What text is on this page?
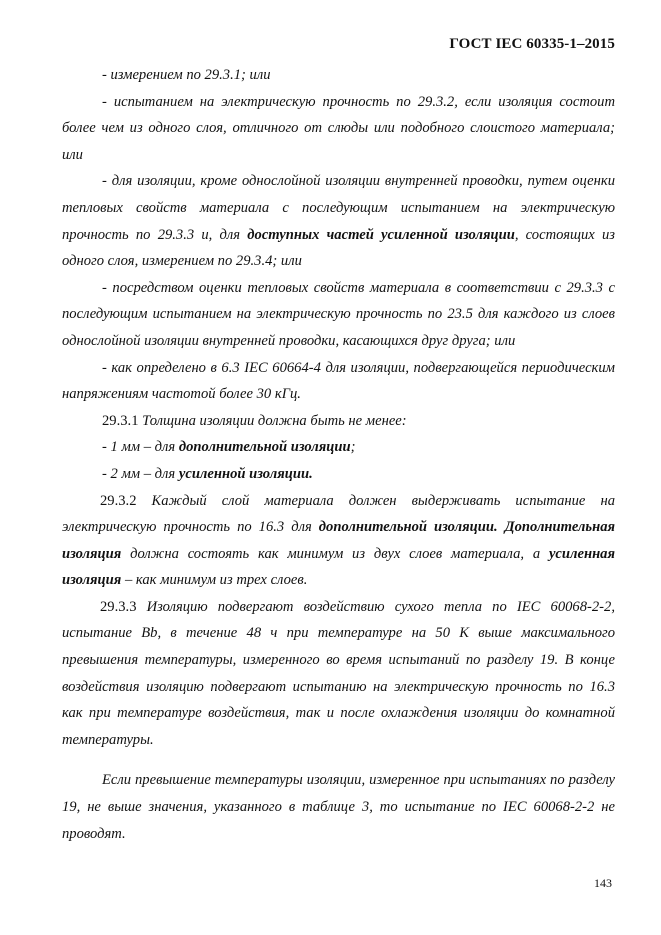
ГОСТ IEC 60335-1–2015

- измерением по 29.3.1; или

- испытанием на электрическую прочность по 29.3.2, если изоляция состоит более чем из одного слоя, отличного от слюды или подобного слоистого материала; или

- для изоляции, кроме однослойной изоляции внутренней проводки, путем оценки тепловых свойств материала с последующим испытанием на электрическую прочность по 29.3.3 и, для доступных частей усиленной изоляции, состоящих из одного слоя, измерением по 29.3.4; или

- посредством оценки тепловых свойств материала в соответствии с 29.3.3 с последующим испытанием на электрическую прочность по 23.5 для каждого из слоев однослойной изоляции внутренней проводки, касающихся друг друга; или

- как определено в 6.3 IEC 60664-4 для изоляции, подвергающейся периодическим напряжениям частотой более 30 кГц.

29.3.1 Толщина изоляции должна быть не менее:

- 1 мм – для дополнительной изоляции;

- 2 мм – для усиленной изоляции.

29.3.2 Каждый слой материала должен выдерживать испытание на электрическую прочность по 16.3 для дополнительной изоляции. Дополнительная изоляция должна состоять как минимум из двух слоев материала, а усиленная изоляция – как минимум из трех слоев.

29.3.3 Изоляцию подвергают воздействию сухого тепла по IEC 60068-2-2, испытание Bb, в течение 48 ч при температуре на 50 К выше максимального превышения температуры, измеренного во время испытаний по разделу 19. В конце воздействия изоляцию подвергают испытанию на электрическую прочность по 16.3 как при температуре воздействия, так и после охлаждения изоляции до комнатной температуры.

Если превышение температуры изоляции, измеренное при испытаниях по разделу 19, не выше значения, указанного в таблице 3, то испытание по IEC 60068-2-2 не проводят.

143
